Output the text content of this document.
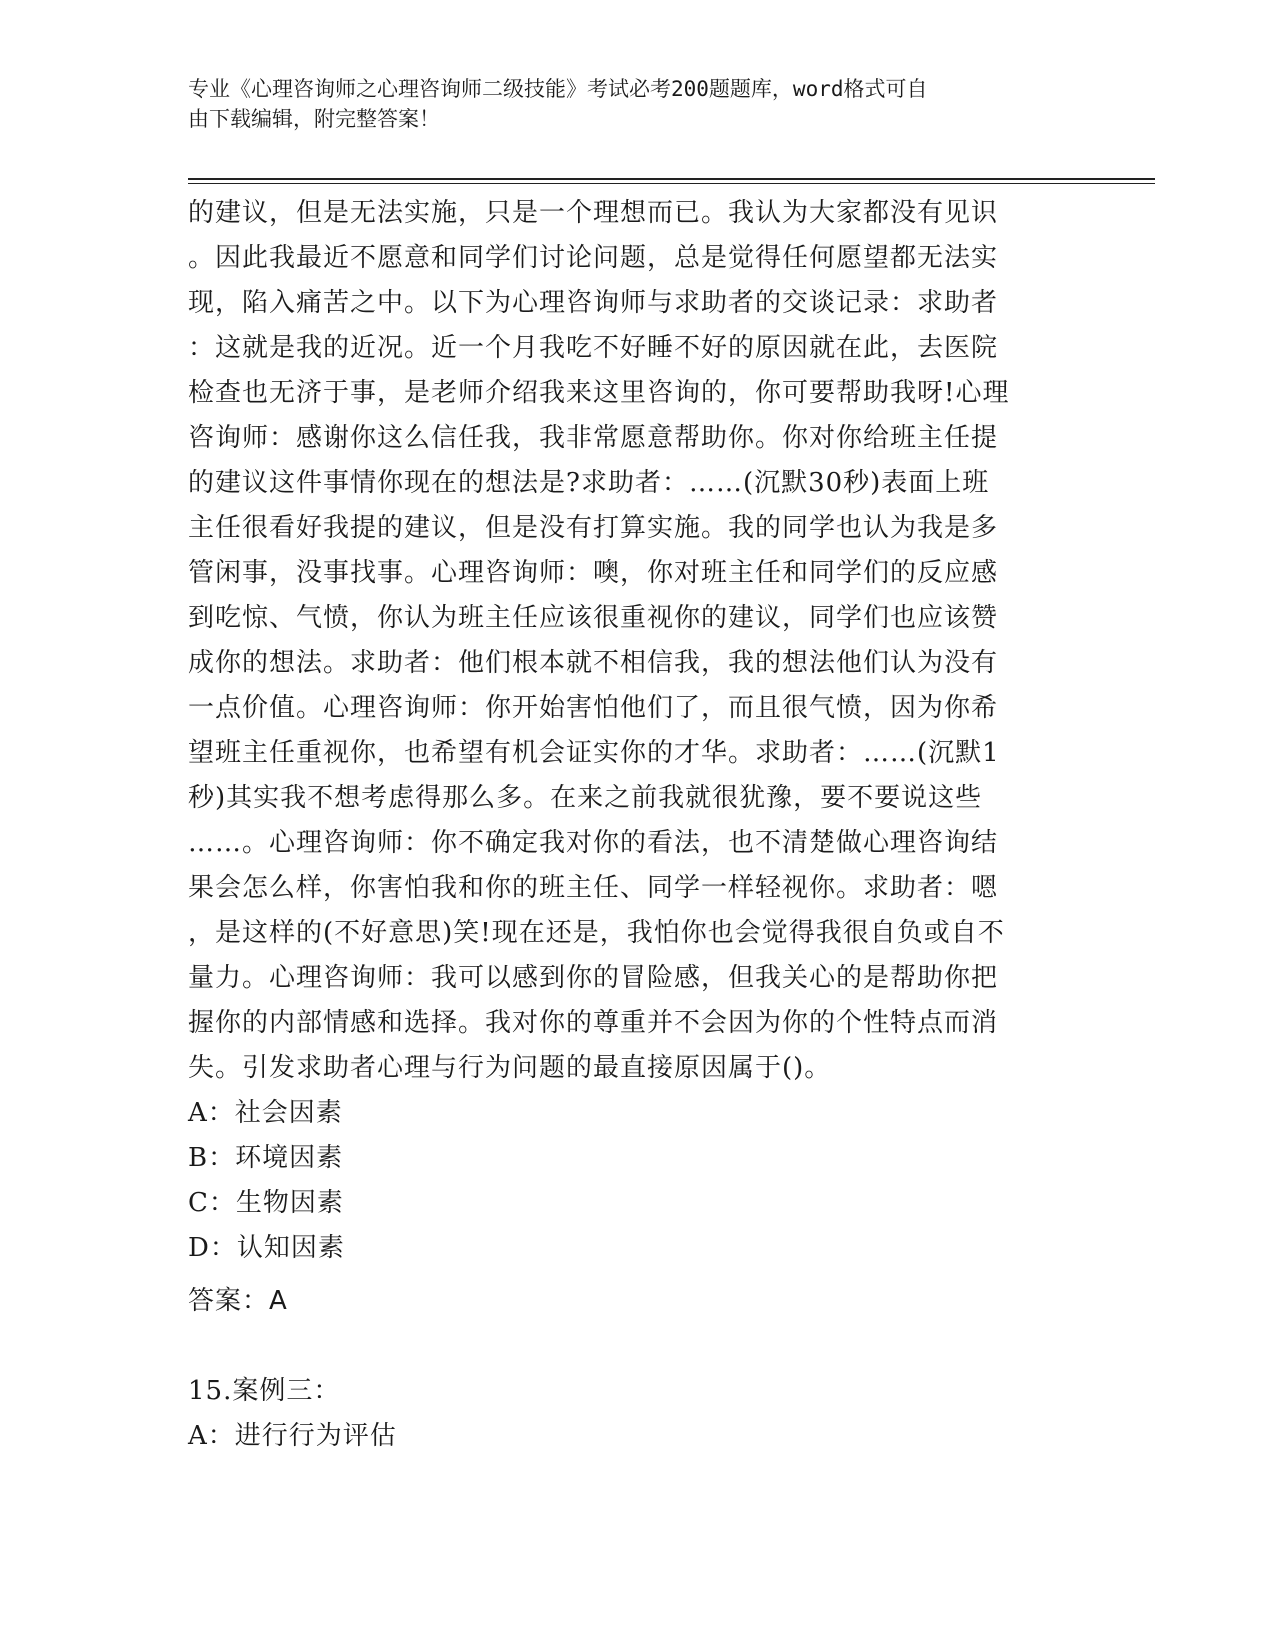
专业《心理咨询师之心理咨询师二级技能》考试必考200题题库，word格式可自
由下载编辑，附完整答案！
的建议，但是无法实施，只是一个理想而已。我认为大家都没有见识
。因此我最近不愿意和同学们讨论问题，总是觉得任何愿望都无法实
现，陷入痛苦之中。以下为心理咨询师与求助者的交谈记录：求助者
：这就是我的近况。近一个月我吃不好睡不好的原因就在此，去医院
检查也无济于事，是老师介绍我来这里咨询的，你可要帮助我呀!心理
咨询师：感谢你这么信任我，我非常愿意帮助你。你对你给班主任提
的建议这件事情你现在的想法是?求助者：……(沉默30秒)表面上班
主任很看好我提的建议，但是没有打算实施。我的同学也认为我是多
管闲事，没事找事。心理咨询师：噢，你对班主任和同学们的反应感
到吃惊、气愤，你认为班主任应该很重视你的建议，同学们也应该赞
成你的想法。求助者：他们根本就不相信我，我的想法他们认为没有
一点价值。心理咨询师：你开始害怕他们了，而且很气愤，因为你希
望班主任重视你，也希望有机会证实你的才华。求助者：……(沉默1
秒)其实我不想考虑得那么多。在来之前我就很犹豫，要不要说这些
……。心理咨询师：你不确定我对你的看法，也不清楚做心理咨询结
果会怎么样，你害怕我和你的班主任、同学一样轻视你。求助者：嗯
，是这样的(不好意思)笑!现在还是，我怕你也会觉得我很自负或自不
量力。心理咨询师：我可以感到你的冒险感，但我关心的是帮助你把
握你的内部情感和选择。我对你的尊重并不会因为你的个性特点而消
失。引发求助者心理与行为问题的最直接原因属于()。
A：社会因素
B：环境因素
C：生物因素
D：认知因素
答案：A
15.案例三：
A：进行行为评估
